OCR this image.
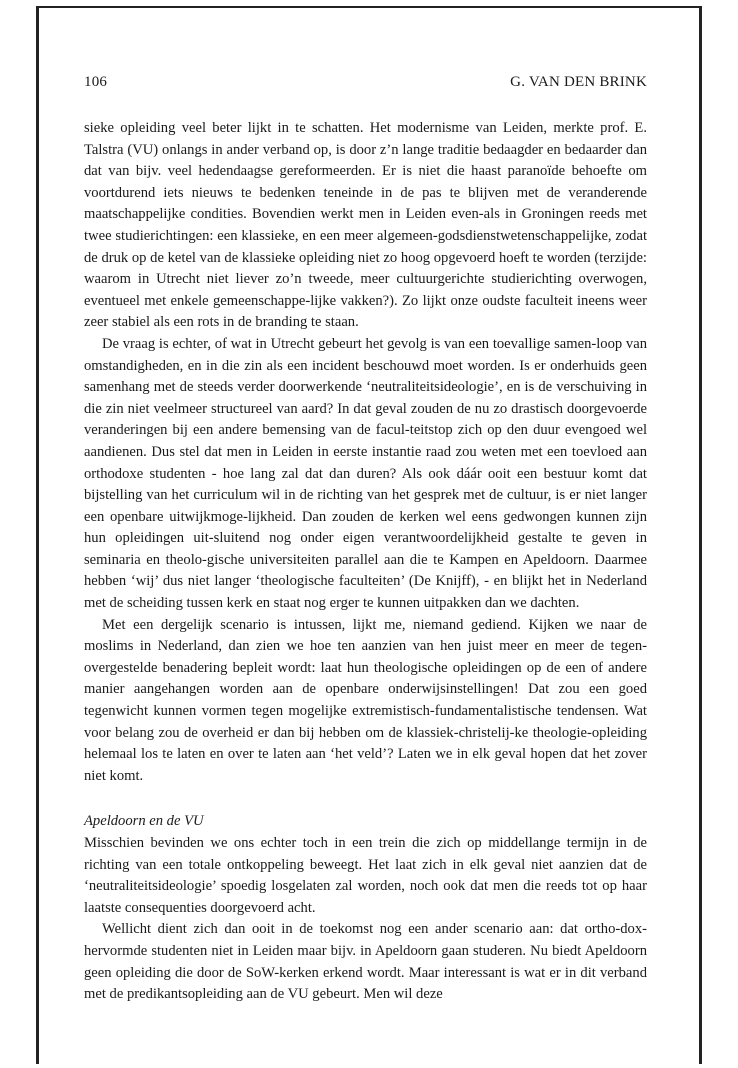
106	G. VAN DEN BRINK

sieke opleiding veel beter lijkt in te schatten. Het modernisme van Leiden, merkte prof. E. Talstra (VU) onlangs in ander verband op, is door z’n lange traditie bedaagder en bedaarder dan dat van bijv. veel hedendaagse gereformeerden. Er is niet die haast paranoïde behoefte om voortdurend iets nieuws te bedenken teneinde in de pas te blijven met de veranderende maatschappelijke condities. Bovendien werkt men in Leiden even-als in Groningen reeds met twee studierichtingen: een klassieke, en een meer algemeen-godsdienstwetenschappelijke, zodat de druk op de ketel van de klassieke opleiding niet zo hoog opgevoerd hoeft te worden (terzijde: waarom in Utrecht niet liever zo’n tweede, meer cultuurgerichte studierichting overwogen, eventueel met enkele gemeenschappe-lijke vakken?). Zo lijkt onze oudste faculteit ineens weer zeer stabiel als een rots in de branding te staan.

De vraag is echter, of wat in Utrecht gebeurt het gevolg is van een toevallige samen-loop van omstandigheden, en in die zin als een incident beschouwd moet worden. Is er onderhuids geen samenhang met de steeds verder doorwerkende ‘neutraliteitsideologie’, en is de verschuiving in die zin niet veelmeer structureel van aard? In dat geval zouden de nu zo drastisch doorgevoerde veranderingen bij een andere bemensing van de facul-teitstop zich op den duur evengoed wel aandienen. Dus stel dat men in Leiden in eerste instantie raad zou weten met een toevloed aan orthodoxe studenten - hoe lang zal dat dan duren? Als ook dáár ooit een bestuur komt dat bijstelling van het curriculum wil in de richting van het gesprek met de cultuur, is er niet langer een openbare uitwijkmoge-lijkheid. Dan zouden de kerken wel eens gedwongen kunnen zijn hun opleidingen uit-sluitend nog onder eigen verantwoordelijkheid gestalte te geven in seminaria en theolo-gische universiteiten parallel aan die te Kampen en Apeldoorn. Daarmee hebben ‘wij’ dus niet langer ‘theologische faculteiten’ (De Knijff), - en blijkt het in Nederland met de scheiding tussen kerk en staat nog erger te kunnen uitpakken dan we dachten.

Met een dergelijk scenario is intussen, lijkt me, niemand gediend. Kijken we naar de moslims in Nederland, dan zien we hoe ten aanzien van hen juist meer en meer de tegen-overgestelde benadering bepleit wordt: laat hun theologische opleidingen op de een of andere manier aangehangen worden aan de openbare onderwijsinstellingen! Dat zou een goed tegenwicht kunnen vormen tegen mogelijke extremistisch-fundamentalistische tendensen. Wat voor belang zou de overheid er dan bij hebben om de klassiek-christelij-ke theologie-opleiding helemaal los te laten en over te laten aan ‘het veld’? Laten we in elk geval hopen dat het zover niet komt.

Apeldoorn en de VU

Misschien bevinden we ons echter toch in een trein die zich op middellange termijn in de richting van een totale ontkoppeling beweegt. Het laat zich in elk geval niet aanzien dat de ‘neutraliteitsideologie’ spoedig losgelaten zal worden, noch ook dat men die reeds tot op haar laatste consequenties doorgevoerd acht.

Wellicht dient zich dan ooit in de toekomst nog een ander scenario aan: dat ortho-dox-hervormde studenten niet in Leiden maar bijv. in Apeldoorn gaan studeren. Nu biedt Apeldoorn geen opleiding die door de SoW-kerken erkend wordt. Maar interessant is wat er in dit verband met de predikantsopleiding aan de VU gebeurt. Men wil deze
